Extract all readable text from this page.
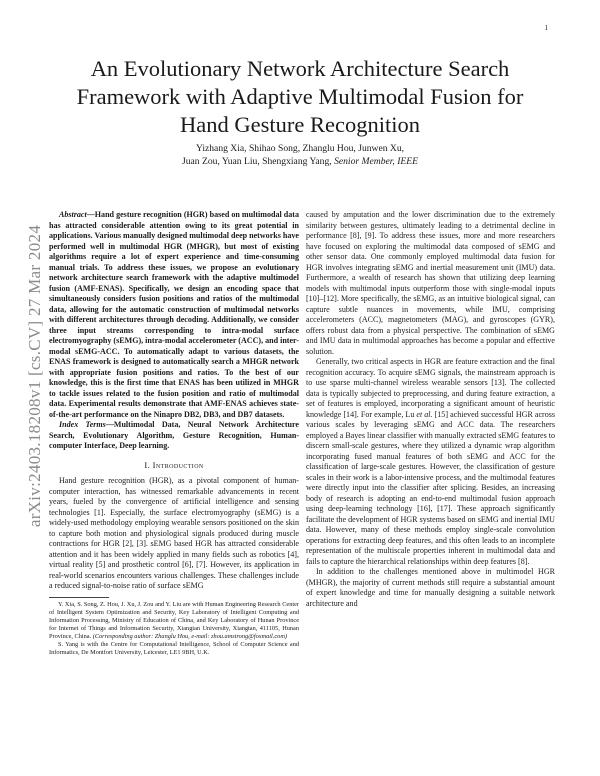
1
arXiv:2403.18208v1 [cs.CV] 27 Mar 2024
An Evolutionary Network Architecture Search
Framework with Adaptive Multimodal Fusion for
Hand Gesture Recognition
Yizhang Xia, Shihao Song, Zhanglu Hou, Junwen Xu,
Juan Zou, Yuan Liu, Shengxiang Yang, Senior Member, IEEE

Abstract—Hand gesture recognition (HGR) based on multimodal data has attracted considerable attention owing to its great potential in applications. Various manually designed multimodal deep networks have performed well in multimodal HGR (MHGR), but most of existing algorithms require a lot of expert experience and time-consuming manual trials. To address these issues, we propose an evolutionary network architecture search framework with the adaptive multimodel fusion (AMF-ENAS). Specifically, we design an encoding space that simultaneously considers fusion positions and ratios of the multimodal data, allowing for the automatic construction of multimodal networks with different architectures through decoding. Additionally, we consider three input streams corresponding to intra-modal surface electromyography (sEMG), intra-modal accelerometer (ACC), and inter-modal sEMG-ACC. To automatically adapt to various datasets, the ENAS framework is designed to automatically search a MHGR network with appropriate fusion positions and ratios. To the best of our knowledge, this is the first time that ENAS has been utilized in MHGR to tackle issues related to the fusion position and ratio of multimodal data. Experimental results demonstrate that AMF-ENAS achieves state-of-the-art performance on the Ninapro DB2, DB3, and DB7 datasets.

Index Terms—Multimodal Data, Neural Network Architecture Search, Evolutionary Algorithm, Gesture Recognition, Human-computer Interface, Deep learning.

I. Introduction

Hand gesture recognition (HGR), as a pivotal component of human-computer interaction, has witnessed remarkable advancements in recent years, fueled by the convergence of artificial intelligence and sensing technologies [1]. Especially, the surface electromyography (sEMG) is a widely-used methodology employing wearable sensors positioned on the skin to capture both motion and physiological signals produced during muscle contractions for HGR [2], [3]. sEMG based HGR has attracted considerable attention and it has been widely applied in many fields such as robotics [4], virtual reality [5] and prosthetic control [6], [7]. However, its application in real-world scenarios encounters various challenges. These challenges include a reduced signal-to-noise ratio of surface sEMG

Y. Xia, S. Song, Z. Hou, J. Xu, J. Zou and Y. Liu are with Human Engineering Research Center of Intelligent System Optimization and Security, Key Laboratory of Intelligent Computing and Information Processing, Ministry of Education of China, and Key Laboratory of Hunan Province for Internet of Things and Information Security, Xiangtan University, Xiangtan, 411105, Hunan Province, China. (Corresponding author: Zhanglu Hou, e-mail: zhou.amstrong@foxmail.com)

S. Yang is with the Centre for Computational Intelligence, School of Computer Science and Informatics, De Montfort University, Leicester, LE1 9BH, U.K.

caused by amputation and the lower discrimination due to the extremely similarity between gestures, ultimately leading to a detrimental decline in performance [8], [9]. To address these issues, more and more researchers have focused on exploring the multimodal data composed of sEMG and other sensor data. One commonly employed multimodal data fusion for HGR involves integrating sEMG and inertial measurement unit (IMU) data. Furthermore, a wealth of research has shown that utilizing deep learning models with multimodal inputs outperform those with single-modal inputs [10]–[12]. More specifically, the sEMG, as an intuitive biological signal, can capture subtle nuances in movements, while IMU, comprising accelerometers (ACC), magnetometers (MAG), and gyroscopes (GYR), offers robust data from a physical perspective. The combination of sEMG and IMU data in multimodal approaches has become a popular and effective solution.

Generally, two critical aspects in HGR are feature extraction and the final recognition accuracy. To acquire sEMG signals, the mainstream approach is to use sparse multi-channel wireless wearable sensors [13]. The collected data is typically subjected to preprocessing, and during feature extraction, a set of features is employed, incorporating a significant amount of heuristic knowledge [14]. For example, Lu et al. [15] achieved successful HGR across various scales by leveraging sEMG and ACC data. The researchers employed a Bayes linear classifier with manually extracted sEMG features to discern small-scale gestures, where they utilized a dynamic wrap algorithm incorporating fused manual features of both sEMG and ACC for the classification of large-scale gestures. However, the classification of gesture scales in their work is a labor-intensive process, and the multimodal features were directly input into the classifier after splicing. Besides, an increasing body of research is adopting an end-to-end multimodal fusion approach using deep-learning technology [16], [17]. These approach significantly facilitate the development of HGR systems based on sEMG and inertial IMU data. However, many of these methods employ single-scale convolution operations for extracting deep features, and this often leads to an incomplete representation of the multiscale properties inherent in multimodal data and fails to capture the hierarchical relationships within deep features [8].

In addition to the challenges mentioned above in multimodel HGR (MHGR), the majority of current methods still require a substantial amount of expert knowledge and time for manually designing a suitable network architecture and
